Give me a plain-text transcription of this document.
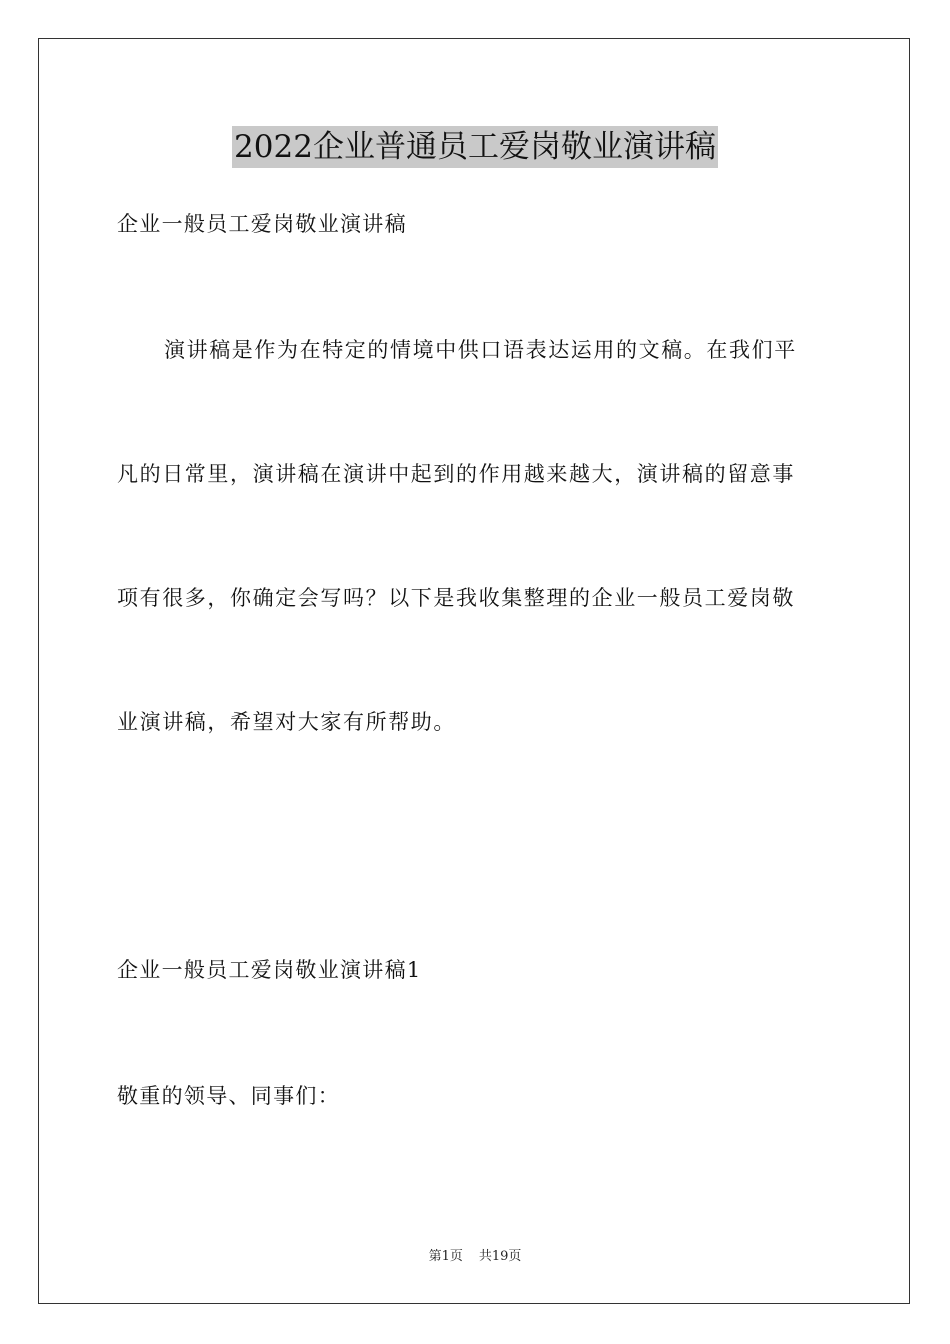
2022企业普通员工爱岗敬业演讲稿
企业一般员工爱岗敬业演讲稿
演讲稿是作为在特定的情境中供口语表达运用的文稿。在我们平
凡的日常里，演讲稿在演讲中起到的作用越来越大，演讲稿的留意事
项有很多，你确定会写吗？以下是我收集整理的企业一般员工爱岗敬
业演讲稿，希望对大家有所帮助。
企业一般员工爱岗敬业演讲稿1
敬重的领导、同事们：
第1页 共19页
